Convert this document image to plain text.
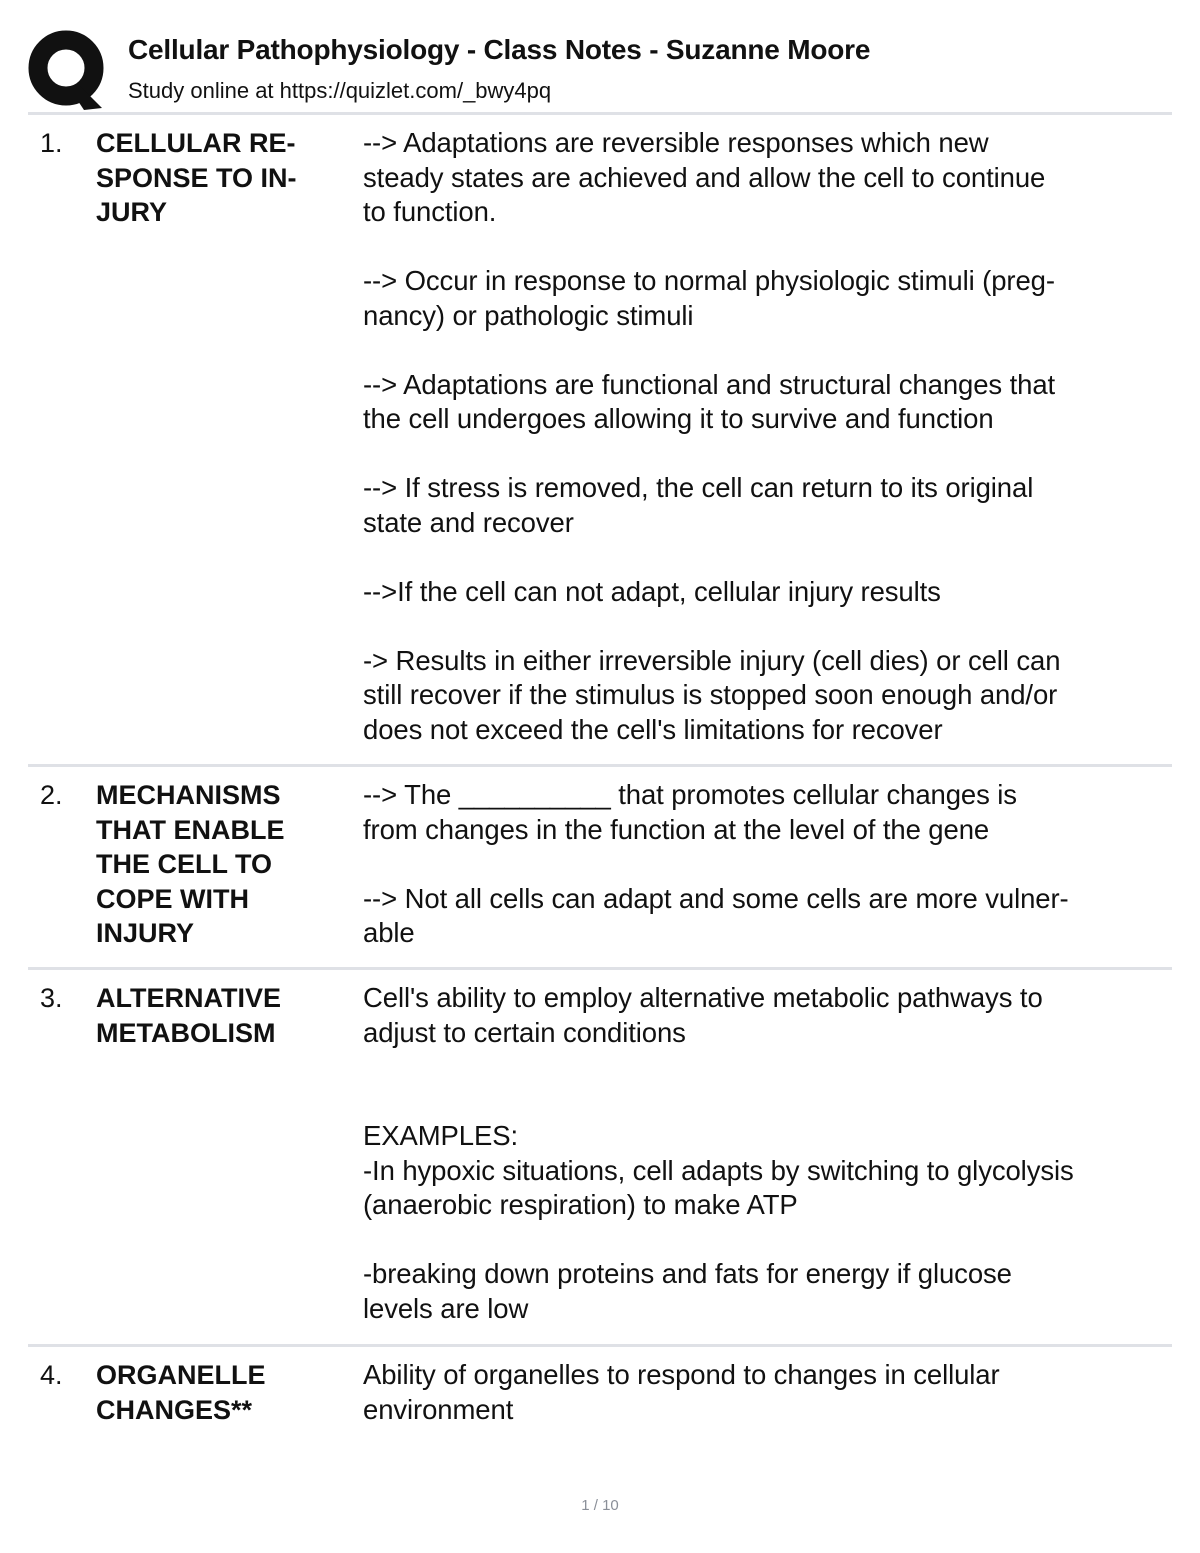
Cellular Pathophysiology - Class Notes - Suzanne Moore
Study online at https://quizlet.com/_bwy4pq
1. CELLULAR RE- SPONSE TO IN- JURY

--> Adaptations are reversible responses which new
steady states are achieved and allow the cell to continue
to function.

--> Occur in response to normal physiologic stimuli (preg-
nancy) or pathologic stimuli

--> Adaptations are functional and structural changes that
the cell undergoes allowing it to survive and function

--> If stress is removed, the cell can return to its original
state and recover

-->If the cell can not adapt, cellular injury results

-> Results in either irreversible injury (cell dies) or cell can
still recover if the stimulus is stopped soon enough and/or
does not exceed the cell's limitations for recover

2. MECHANISMS THAT ENABLE THE CELL TO COPE WITH INJURY

--> The __________ that promotes cellular changes is
from changes in the function at the level of the gene

--> Not all cells can adapt and some cells are more vulner-
able

3. ALTERNATIVE METABOLISM

Cell's ability to employ alternative metabolic pathways to
adjust to certain conditions

EXAMPLES:
-In hypoxic situations, cell adapts by switching to glycolysis
(anaerobic respiration) to make ATP

-breaking down proteins and fats for energy if glucose
levels are low

4. ORGANELLE CHANGES**

Ability of organelles to respond to changes in cellular
environment

1 / 10
